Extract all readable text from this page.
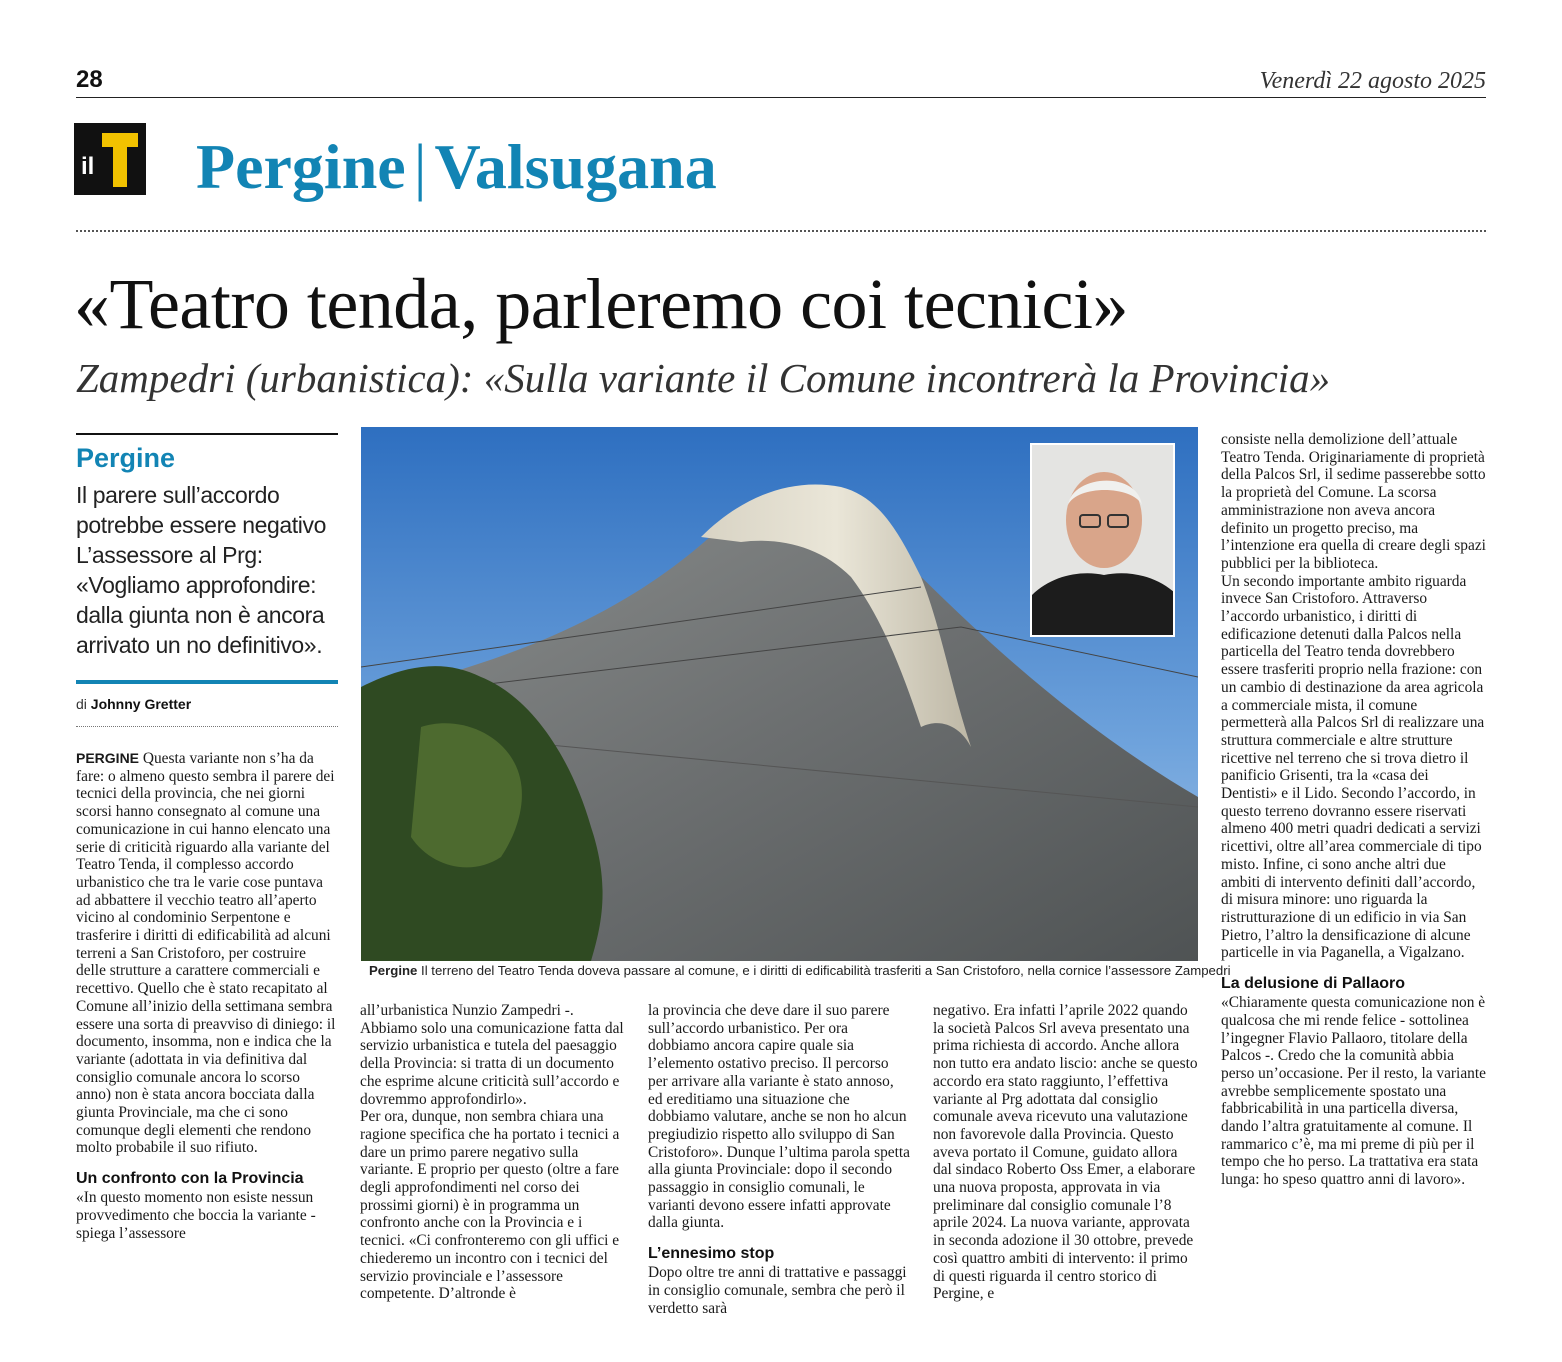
28	Venerdì 22 agosto 2025
il Pergine | Valsugana
«Teatro tenda, parleremo coi tecnici»
Zampedri (urbanistica): «Sulla variante il Comune incontrerà la Provincia»
Pergine
Il parere sull’accordo potrebbe essere negativo L’assessore al Prg: «Vogliamo approfondire: dalla giunta non è ancora arrivato un no definitivo».
di Johnny Gretter

PERGINE Questa variante non s’ha da fare: o almeno questo sembra il parere dei tecnici della provincia, che nei giorni scorsi hanno consegnato al comune una comunicazione in cui hanno elencato una serie di criticità riguardo alla variante del Teatro Tenda, il complesso accordo urbanistico che tra le varie cose puntava ad abbattere il vecchio teatro all’aperto vicino al condominio Serpentone e trasferire i diritti di edificabilità ad alcuni terreni a San Cristoforo, per costruire delle strutture a carattere commerciali e recettivo. Quello che è stato recapitato al Comune all’inizio della settimana sembra essere una sorta di preavviso di diniego: il documento, insomma, non e indica che la variante (adottata in via definitiva dal consiglio comunale ancora lo scorso anno) non è stata ancora bocciata dalla giunta Provinciale, ma che ci sono comunque degli elementi che rendono molto probabile il suo rifiuto.

Un confronto con la Provincia

«In questo momento non esiste nessun provvedimento che boccia la variante - spiega l’assessore

Pergine Il terreno del Teatro Tenda doveva passare al comune, e i diritti di edificabilità trasferiti a San Cristoforo, nella cornice l’assessore Zampedri

all’urbanistica Nunzio Zampedri -. Abbiamo solo una comunicazione fatta dal servizio urbanistica e tutela del paesaggio della Provincia: si tratta di un documento che esprime alcune criticità sull’accordo e dovremmo approfondirlo».

Per ora, dunque, non sembra chiara una ragione specifica che ha portato i tecnici a dare un primo parere negativo sulla variante. E proprio per questo (oltre a fare degli approfondimenti nel corso dei prossimi giorni) è in programma un confronto anche con la Provincia e i tecnici. «Ci confronteremo con gli uffici e chiederemo un incontro con i tecnici del servizio provinciale e l’assessore competente. D’altronde è

la provincia che deve dare il suo parere sull’accordo urbanistico. Per ora dobbiamo ancora capire quale sia l’elemento ostativo preciso. Il percorso per arrivare alla variante è stato annoso, ed ereditiamo una situazione che dobbiamo valutare, anche se non ho alcun pregiudizio rispetto allo sviluppo di San Cristoforo». Dunque l’ultima parola spetta alla giunta Provinciale: dopo il secondo passaggio in consiglio comunali, le varianti devono essere infatti approvate dalla giunta.

L’ennesimo stop

Dopo oltre tre anni di trattative e passaggi in consiglio comunale, sembra che però il verdetto sarà

negativo. Era infatti l’aprile 2022 quando la società Palcos Srl aveva presentato una prima richiesta di accordo. Anche allora non tutto era andato liscio: anche se questo accordo era stato raggiunto, l’effettiva variante al Prg adottata dal consiglio comunale aveva ricevuto una valutazione non favorevole dalla Provincia. Questo aveva portato il Comune, guidato allora dal sindaco Roberto Oss Emer, a elaborare una nuova proposta, approvata in via preliminare dal consiglio comunale l’8 aprile 2024. La nuova variante, approvata in seconda adozione il 30 ottobre, prevede così quattro ambiti di intervento: il primo di questi riguarda il centro storico di Pergine, e

consiste nella demolizione dell’attuale Teatro Tenda. Originariamente di proprietà della Palcos Srl, il sedime passerebbe sotto la proprietà del Comune. La scorsa amministrazione non aveva ancora definito un progetto preciso, ma l’intenzione era quella di creare degli spazi pubblici per la biblioteca.

Un secondo importante ambito riguarda invece San Cristoforo. Attraverso l’accordo urbanistico, i diritti di edificazione detenuti dalla Palcos nella particella del Teatro tenda dovrebbero essere trasferiti proprio nella frazione: con un cambio di destinazione da area agricola a commerciale mista, il comune permetterà alla Palcos Srl di realizzare una struttura commerciale e altre strutture ricettive nel terreno che si trova dietro il panificio Grisenti, tra la «casa dei Dentisti» e il Lido. Secondo l’accordo, in questo terreno dovranno essere riservati almeno 400 metri quadri dedicati a servizi ricettivi, oltre all’area commerciale di tipo misto. Infine, ci sono anche altri due ambiti di intervento definiti dall’accordo, di misura minore: uno riguarda la ristrutturazione di un edificio in via San Pietro, l’altro la densificazione di alcune particelle in via Paganella, a Vigalzano.

La delusione di Pallaoro

«Chiaramente questa comunicazione non è qualcosa che mi rende felice - sottolinea l’ingegner Flavio Pallaoro, titolare della Palcos -. Credo che la comunità abbia perso un’occasione. Per il resto, la variante avrebbe semplicemente spostato una fabbricabilità in una particella diversa, dando l’altra gratuitamente al comune. Il rammarico c’è, ma mi preme di più per il tempo che ho perso. La trattativa era stata lunga: ho speso quattro anni di lavoro».
